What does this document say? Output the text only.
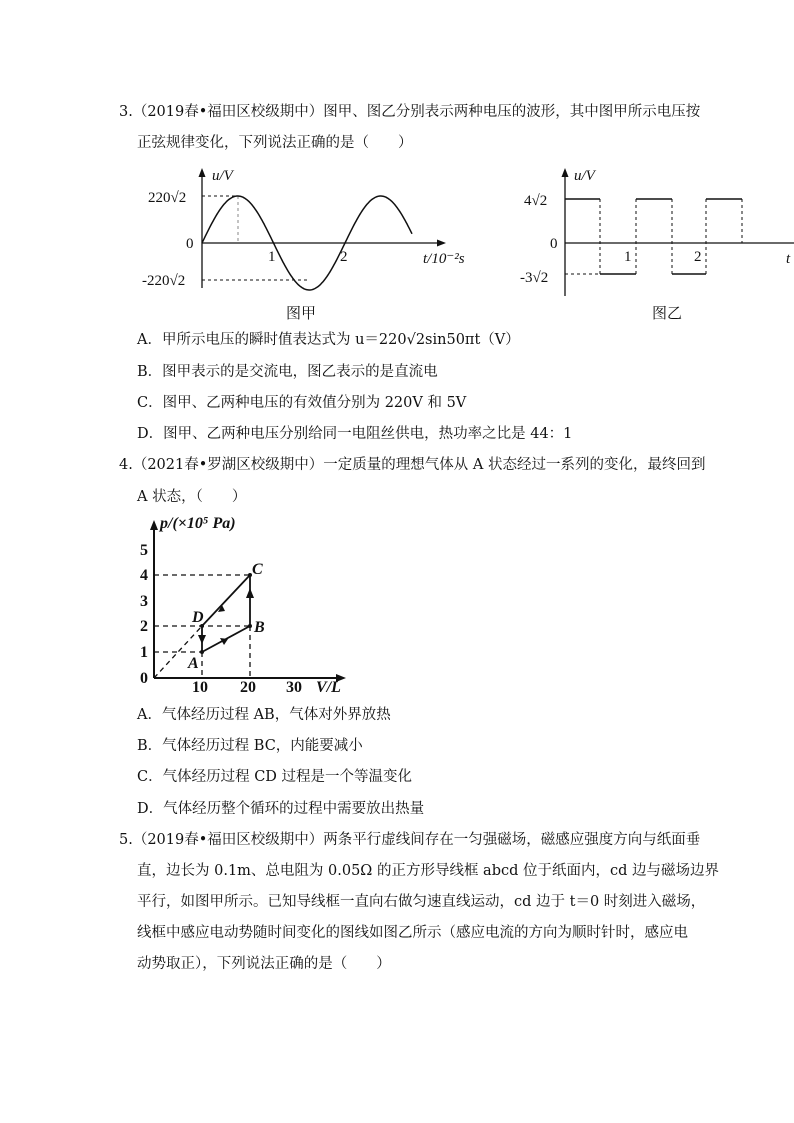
3.（2019春•福田区校级期中）图甲、图乙分别表示两种电压的波形，其中图甲所示电压按
正弦规律变化，下列说法正确的是（　　）
u/V
220√2
0
-220√2
1	2	t/10⁻²s
图甲
u/V
4√2
0
-3√2
1	2	t
图乙
A．甲所示电压的瞬时值表达式为 u＝220√2sin50πt（V）
B．图甲表示的是交流电，图乙表示的是直流电
C．图甲、乙两种电压的有效值分别为 220V 和 5V
D．图甲、乙两种电压分别给同一电阻丝供电，热功率之比是 44：1
4.（2021春•罗湖区校级期中）一定质量的理想气体从 A 状态经过一系列的变化，最终回到
A 状态，（　　）
p/(×10⁵ Pa)
1
2
3
4
5
0
10 20 30 V/L
A
B
C
D
A．气体经历过程 AB，气体对外界放热
B．气体经历过程 BC，内能要减小
C．气体经历过程 CD 过程是一个等温变化
D．气体经历整个循环的过程中需要放出热量
5.（2019春•福田区校级期中）两条平行虚线间存在一匀强磁场，磁感应强度方向与纸面垂
直，边长为 0.1m、总电阻为 0.05Ω 的正方形导线框 abcd 位于纸面内，cd 边与磁场边界
平行，如图甲所示。已知导线框一直向右做匀速直线运动，cd 边于 t＝0 时刻进入磁场，
线框中感应电动势随时间变化的图线如图乙所示（感应电流的方向为顺时针时，感应电
动势取正），下列说法正确的是（　　）
